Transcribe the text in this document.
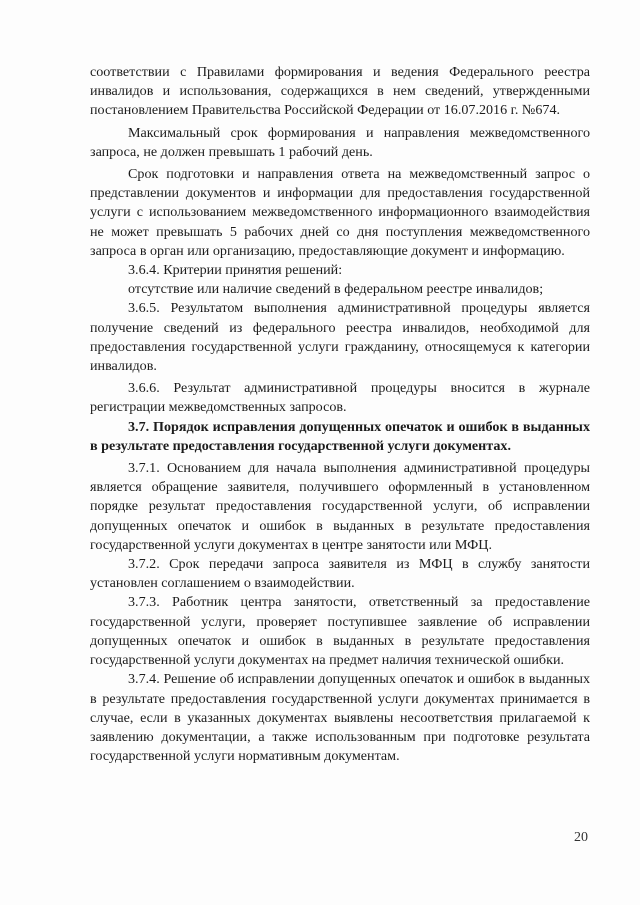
соответствии с Правилами формирования и ведения Федерального реестра инвалидов и использования, содержащихся в нем сведений, утвержденными постановлением Правительства Российской Федерации от 16.07.2016 г. №674.

Максимальный срок формирования и направления межведомственного запроса, не должен превышать 1 рабочий день.

Срок подготовки и направления ответа на межведомственный запрос о представлении документов и информации для предоставления государственной услуги с использованием межведомственного информационного взаимодействия не может превышать 5 рабочих дней со дня поступления межведомственного запроса в орган или организацию, предоставляющие документ и информацию.

3.6.4. Критерии принятия решений:

отсутствие или наличие сведений в федеральном реестре инвалидов;

3.6.5. Результатом выполнения административной процедуры является получение сведений из федерального реестра инвалидов, необходимой для предоставления государственной услуги гражданину, относящемуся к категории инвалидов.

3.6.6. Результат административной процедуры вносится в журнале регистрации межведомственных запросов.

3.7. Порядок исправления допущенных опечаток и ошибок в выданных в результате предоставления государственной услуги документах.

3.7.1. Основанием для начала выполнения административной процедуры является обращение заявителя, получившего оформленный в установленном порядке результат предоставления государственной услуги, об исправлении допущенных опечаток и ошибок в выданных в результате предоставления государственной услуги документах в центре занятости или МФЦ.

3.7.2. Срок передачи запроса заявителя из МФЦ в службу занятости установлен соглашением о взаимодействии.

3.7.3. Работник центра занятости, ответственный за предоставление государственной услуги, проверяет поступившее заявление об исправлении допущенных опечаток и ошибок в выданных в результате предоставления государственной услуги документах на предмет наличия технической ошибки.

3.7.4. Решение об исправлении допущенных опечаток и ошибок в выданных в результате предоставления государственной услуги документах принимается в случае, если в указанных документах выявлены несоответствия прилагаемой к заявлению документации, а также использованным при подготовке результата государственной услуги нормативным документам.

20
